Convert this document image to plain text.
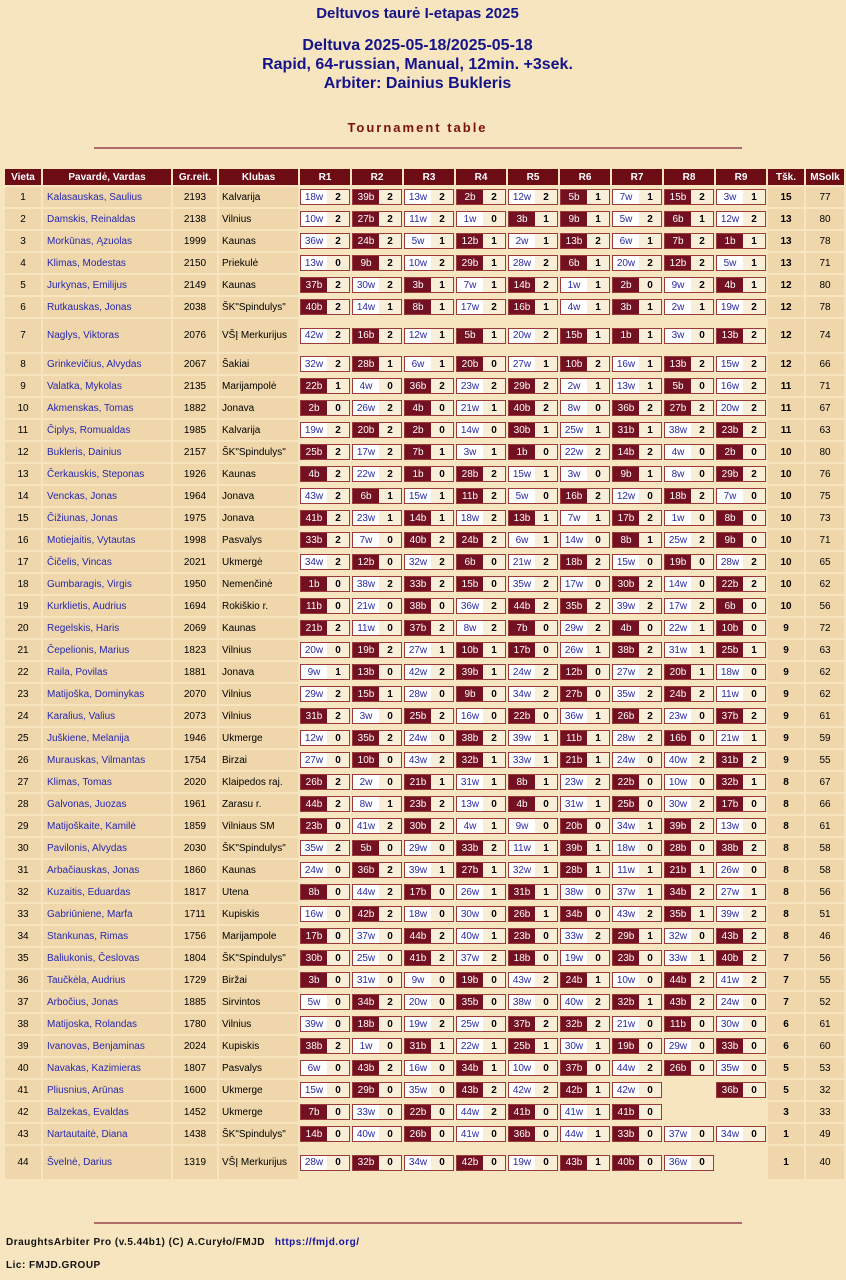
Deltuvos taurė I-etapas 2025
Deltuva 2025-05-18/2025-05-18
Rapid, 64-russian, Manual, 12min. +3sek.
Arbiter: Dainius Bukleris
Tournament table
Vieta	Pavardė, Vardas	Gr.reit.	Klubas	R1	R2	R3	R4	R5	R6	R7	R8	R9	Tšk.	MSolk
1	Kalasauskas, Saulius	2193	Kalvarija	18w 2	39b 2	13w 2	2b 2	12w 2	5b 1	7w 1	15b 2	3w 1	15	77
2	Damskis, Reinaldas	2138	Vilnius	10w 2	27b 2	11w 2	1w 0	3b 1	9b 1	5w 2	6b 1	12w 2	13	80
3	Morkūnas, Ązuolas	1999	Kaunas	36w 2	24b 2	5w 1	12b 1	2w 1	13b 2	6w 1	7b 2	1b 1	13	78
4	Klimas, Modestas	2150	Priekulė	13w 0	9b 2	10w 2	29b 1	28w 2	6b 1	20w 2	12b 2	5w 1	13	71
5	Jurkynas, Emilijus	2149	Kaunas	37b 2	30w 2	3b 1	7w 1	14b 2	1w 1	2b 0	9w 2	4b 1	12	80
6	Rutkauskas, Jonas	2038	ŠK"Spindulys"	40b 2	14w 1	8b 1	17w 2	16b 1	4w 1	3b 1	2w 1	19w 2	12	78
7	Naglys, Viktoras	2076	VŠĮ Merkurijus	42w 2	16b 2	12w 1	5b 1	20w 2	15b 1	1b 1	3w 0	13b 2	12	74
8	Grinkevičius, Alvydas	2067	Šakiai	32w 2	28b 1	6w 1	20b 0	27w 1	10b 2	16w 1	13b 2	15w 2	12	66
9	Valatka, Mykolas	2135	Marijampolė	22b 1	4w 0	36b 2	23w 2	29b 2	2w 1	13w 1	5b 0	16w 2	11	71
10	Akmenskas, Tomas	1882	Jonava	2b 0	26w 2	4b 0	21w 1	40b 2	8w 0	36b 2	27b 2	20w 2	11	67
11	Čiplys, Romualdas	1985	Kalvarija	19w 2	20b 2	2b 0	14w 0	30b 1	25w 1	31b 1	38w 2	23b 2	11	63
12	Bukleris, Dainius	2157	ŠK"Spindulys"	25b 2	17w 2	7b 1	3w 1	1b 0	22w 2	14b 2	4w 0	2b 0	10	80
13	Čerkauskis, Steponas	1926	Kaunas	4b 2	22w 2	1b 0	28b 2	15w 1	3w 0	9b 1	8w 0	29b 2	10	76
14	Venckas, Jonas	1964	Jonava	43w 2	6b 1	15w 1	11b 2	5w 0	16b 2	12w 0	18b 2	7w 0	10	75
15	Čižiunas, Jonas	1975	Jonava	41b 2	23w 1	14b 1	18w 2	13b 1	7w 1	17b 2	1w 0	8b 0	10	73
16	Motiejaitis, Vytautas	1998	Pasvalys	33b 2	7w 0	40b 2	24b 2	6w 1	14w 0	8b 1	25w 2	9b 0	10	71
17	Čičelis, Vincas	2021	Ukmergė	34w 2	12b 0	32w 2	6b 0	21w 2	18b 2	15w 0	19b 0	28w 2	10	65
18	Gumbaragis, Virgis	1950	Nemenčinė	1b 0	38w 2	33b 2	15b 0	35w 2	17w 0	30b 2	14w 0	22b 2	10	62
19	Kurklietis, Audrius	1694	Rokiškio r.	11b 0	21w 0	38b 0	36w 2	44b 2	35b 2	39w 2	17w 2	6b 0	10	56
20	Regelskis, Haris	2069	Kaunas	21b 2	11w 0	37b 2	8w 2	7b 0	29w 2	4b 0	22w 1	10b 0	9	72
21	Čepelionis, Marius	1823	Vilnius	20w 0	19b 2	27w 1	10b 1	17b 0	26w 1	38b 2	31w 1	25b 1	9	63
22	Raila, Povilas	1881	Jonava	9w 1	13b 0	42w 2	39b 1	24w 2	12b 0	27w 2	20b 1	18w 0	9	62
23	Matijoška, Dominykas	2070	Vilnius	29w 2	15b 1	28w 0	9b 0	34w 2	27b 0	35w 2	24b 2	11w 0	9	62
24	Karalius, Valius	2073	Vilnius	31b 2	3w 0	25b 2	16w 0	22b 0	36w 1	26b 2	23w 0	37b 2	9	61
25	Juškiene, Melanija	1946	Ukmerge	12w 0	35b 2	24w 0	38b 2	39w 1	11b 1	28w 2	16b 0	21w 1	9	59
26	Murauskas, Vilmantas	1754	Birzai	27w 0	10b 0	43w 2	32b 1	33w 1	21b 1	24w 0	40w 2	31b 2	9	55
27	Klimas, Tomas	2020	Klaipedos raj.	26b 2	2w 0	21b 1	31w 1	8b 1	23w 2	22b 0	10w 0	32b 1	8	67
28	Galvonas, Juozas	1961	Zarasu r.	44b 2	8w 1	23b 2	13w 0	4b 0	31w 1	25b 0	30w 2	17b 0	8	66
29	Matijoškaite, Kamilė	1859	Vilniaus SM	23b 0	41w 2	30b 2	4w 1	9w 0	20b 0	34w 1	39b 2	13w 0	8	61
30	Pavilonis, Alvydas	2030	ŠK"Spindulys"	35w 2	5b 0	29w 0	33b 2	11w 1	39b 1	18w 0	28b 0	38b 2	8	58
31	Arbačiauskas, Jonas	1860	Kaunas	24w 0	36b 2	39w 1	27b 1	32w 1	28b 1	11w 1	21b 1	26w 0	8	58
32	Kuzaitis, Eduardas	1817	Utena	8b 0	44w 2	17b 0	26w 1	31b 1	38w 0	37w 1	34b 2	27w 1	8	56
33	Gabriūniene, Marfa	1711	Kupiskis	16w 0	42b 2	18w 0	30w 0	26b 1	34b 0	43w 2	35b 1	39w 2	8	51
34	Stankunas, Rimas	1756	Marijampole	17b 0	37w 0	44b 2	40w 1	23b 0	33w 2	29b 1	32w 0	43b 2	8	46
35	Baliukonis, Česlovas	1804	ŠK"Spindulys"	30b 0	25w 0	41b 2	37w 2	18b 0	19w 0	23b 0	33w 1	40b 2	7	56
36	Taučkėla, Audrius	1729	Biržai	3b 0	31w 0	9w 0	19b 0	43w 2	24b 1	10w 0	44b 2	41w 2	7	55
37	Arbočius, Jonas	1885	Sirvintos	5w 0	34b 2	20w 0	35b 0	38w 0	40w 2	32b 1	43b 2	24w 0	7	52
38	Matijoska, Rolandas	1780	Vilnius	39w 0	18b 0	19w 2	25w 0	37b 2	32b 2	21w 0	11b 0	30w 0	6	61
39	Ivanovas, Benjaminas	2024	Kupiskis	38b 2	1w 0	31b 1	22w 1	25b 1	30w 1	19b 0	29w 0	33b 0	6	60
40	Navakas, Kazimieras	1807	Pasvalys	6w 0	43b 2	16w 0	34b 1	10w 0	37b 0	44w 2	26b 0	35w 0	5	53
41	Pliusnius, Arūnas	1600	Ukmerge	15w 0	29b 0	35w 0	43b 2	42w 2	42b 1	42w 0		36b 0	5	32
42	Balzekas, Evaldas	1452	Ukmerge	7b 0	33w 0	22b 0	44w 2	41b 0	41w 1	41b 0			3	33
43	Nartautaitė, Diana	1438	ŠK"Spindulys"	14b 0	40w 0	26b 0	41w 0	36b 0	44w 1	33b 0	37w 0	34w 0	1	49
44	Švelnė, Darius	1319	VŠĮ Merkurijus	28w 0	32b 0	34w 0	42b 0	19w 0	43b 1	40b 0	36w 0		1	40
DraughtsArbiter Pro (v.5.44b1) (C) A.Curyło/FMJD https://fmjd.org/
Lic: FMJD.GROUP
